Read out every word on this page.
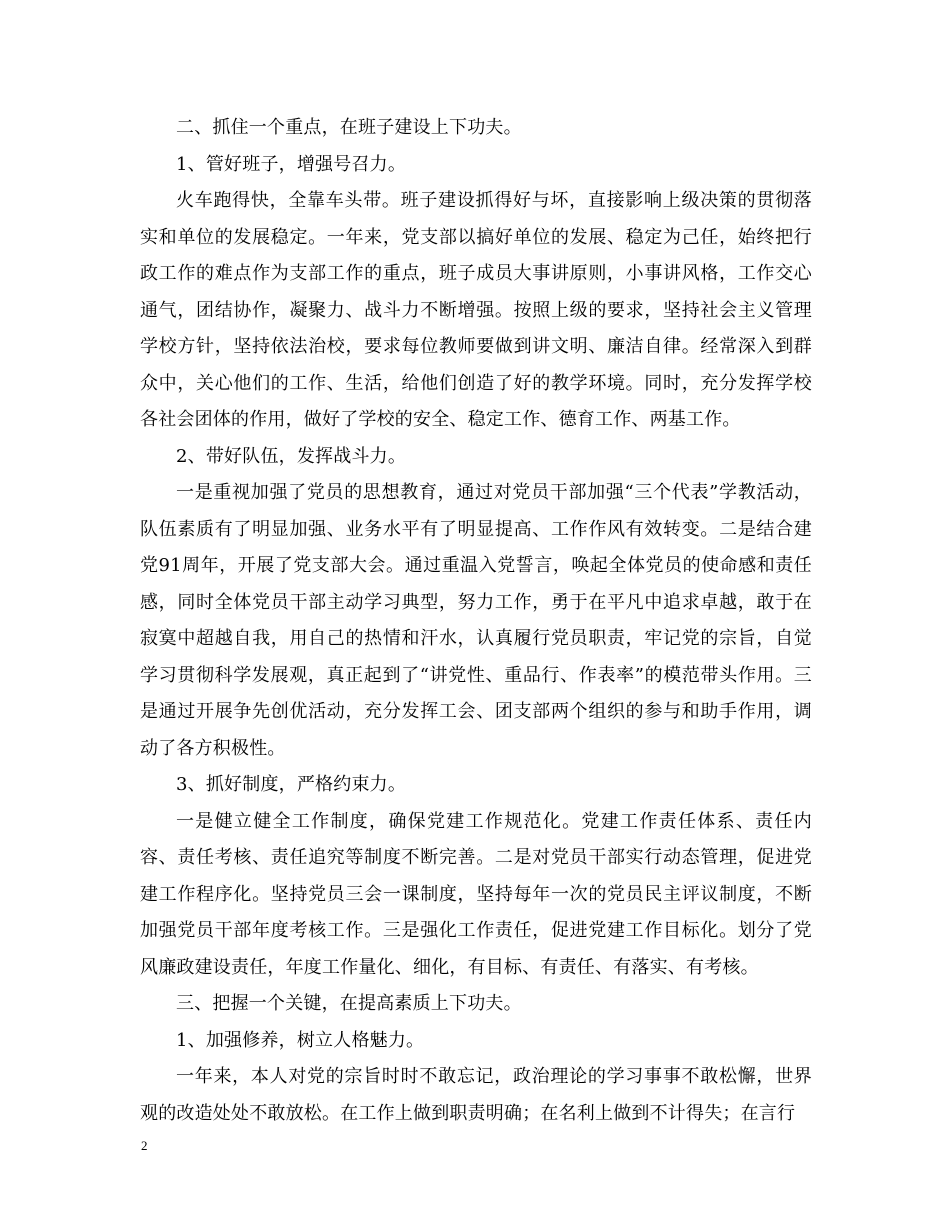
二、抓住一个重点，在班子建设上下功夫。

1、管好班子，增强号召力。

火车跑得快，全靠车头带。班子建设抓得好与坏，直接影响上级决策的贯彻落实和单位的发展稳定。一年来，党支部以搞好单位的发展、稳定为己任，始终把行政工作的难点作为支部工作的重点，班子成员大事讲原则，小事讲风格，工作交心通气，团结协作，凝聚力、战斗力不断增强。按照上级的要求，坚持社会主义管理学校方针，坚持依法治校，要求每位教师要做到讲文明、廉洁自律。经常深入到群众中，关心他们的工作、生活，给他们创造了好的教学环境。同时，充分发挥学校各社会团体的作用，做好了学校的安全、稳定工作、德育工作、两基工作。

2、带好队伍，发挥战斗力。

一是重视加强了党员的思想教育，通过对党员干部加强“三个代表”学教活动，队伍素质有了明显加强、业务水平有了明显提高、工作作风有效转变。二是结合建党91周年，开展了党支部大会。通过重温入党誓言，唤起全体党员的使命感和责任感，同时全体党员干部主动学习典型，努力工作，勇于在平凡中追求卓越，敢于在寂寞中超越自我，用自己的热情和汗水，认真履行党员职责，牢记党的宗旨，自觉学习贯彻科学发展观，真正起到了“讲党性、重品行、作表率”的模范带头作用。三是通过开展争先创优活动，充分发挥工会、团支部两个组织的参与和助手作用，调动了各方积极性。

3、抓好制度，严格约束力。

一是健立健全工作制度，确保党建工作规范化。党建工作责任体系、责任内容、责任考核、责任追究等制度不断完善。二是对党员干部实行动态管理，促进党建工作程序化。坚持党员三会一课制度，坚持每年一次的党员民主评议制度，不断加强党员干部年度考核工作。三是强化工作责任，促进党建工作目标化。划分了党风廉政建设责任，年度工作量化、细化，有目标、有责任、有落实、有考核。

三、把握一个关键，在提高素质上下功夫。

1、加强修养，树立人格魅力。

一年来，本人对党的宗旨时时不敢忘记，政治理论的学习事事不敢松懈，世界观的改造处处不敢放松。在工作上做到职责明确；在名利上做到不计得失；在言行

2
